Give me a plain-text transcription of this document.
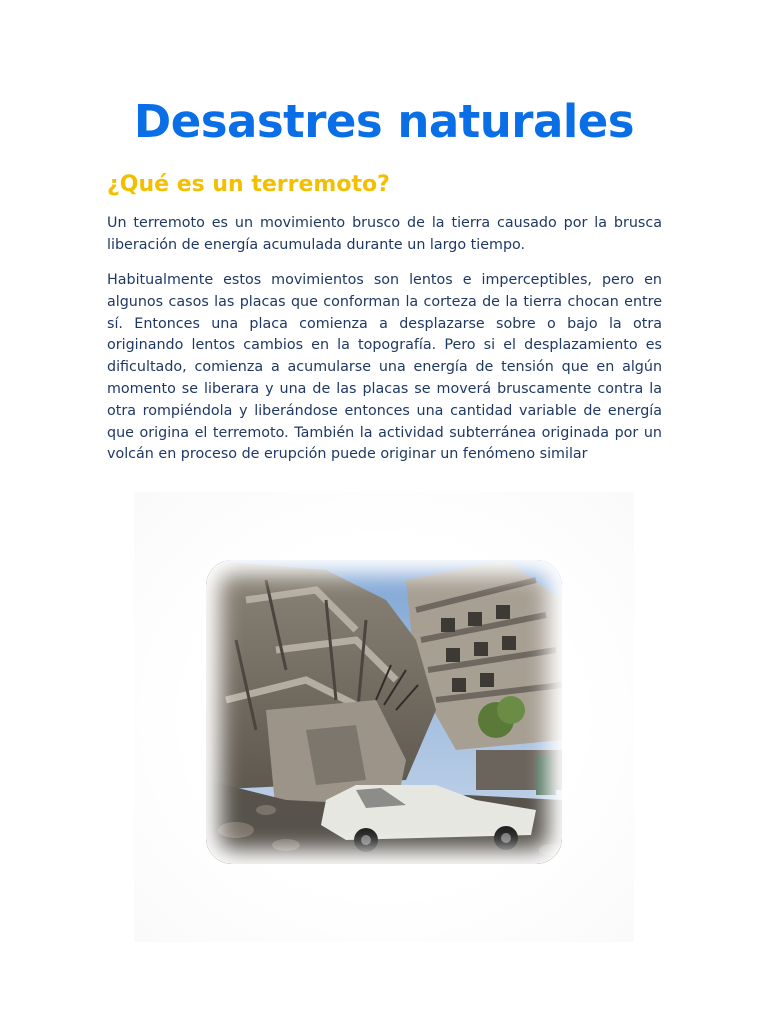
Desastres naturales
¿Qué es un terremoto?

Un terremoto es un movimiento brusco de la tierra causado por la brusca liberación de energía acumulada durante un largo tiempo.

Habitualmente estos movimientos son lentos e imperceptibles, pero en algunos casos las placas que conforman la corteza de la tierra chocan entre sí. Entonces una placa comienza a desplazarse sobre o bajo la otra originando lentos cambios en la topografía. Pero si el desplazamiento es dificultado, comienza a acumularse una energía de tensión que en algún momento se liberara y una de las placas se moverá bruscamente contra la otra rompiéndola y liberándose entonces una cantidad variable de energía que origina el terremoto. También la actividad subterránea originada por un volcán en proceso de erupción puede originar un fenómeno similar
